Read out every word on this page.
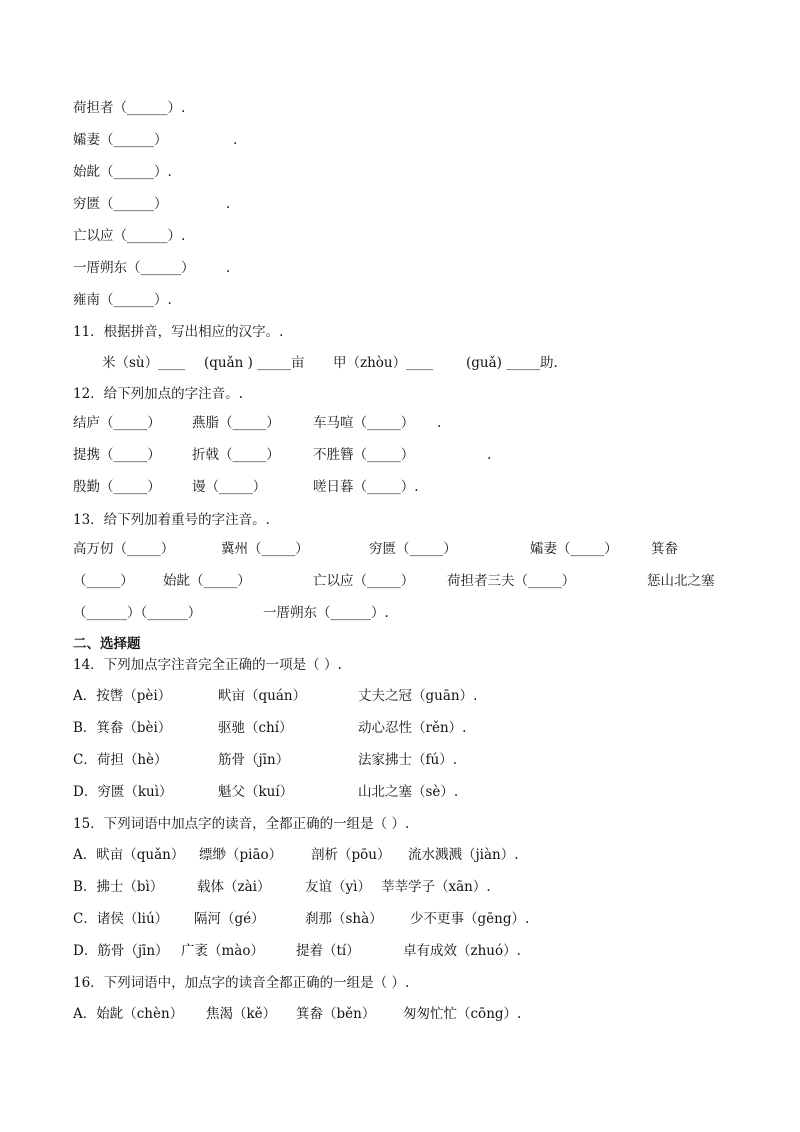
荷担者（______）.
孀妻（______）	.
始龀（______）.
穷匮（______）	.
亡以应（______）.
一厝朔东（______） .
雍南（______）.
11．根据拼音，写出相应的汉字。.
米（sù）____ (quǎn ) _____亩 甲（zhòu）____ (guǎ) _____助.
12．给下列加点的字注音。.
结庐（_____） 燕脂（_____） 车马喧（_____） .
提携（_____） 折戟（_____） 不胜簪（_____）	.
殷勤（_____） 谩（_____）	嗟日暮（_____）.
13．给下列加着重号的字注音。.
高万仞（_____）	冀州（_____）	穷匮（_____）	孀妻（_____） 箕畚
（_____） 始龀（_____）	亡以应（_____） 荷担者三夫（_____）	惩山北之塞
（______）（______）	一厝朔东（______）.
二、选择题
14．下列加点字注音完全正确的一项是（ ）.
A．按辔（pèi）	畎亩（quán）	丈夫之冠（guān）.
B．箕畚（bèi）	驱驰（chí）	动心忍性（rěn）.
C．荷担（hè）	筋骨（jīn）	法家拂士（fú）.
D．穷匮（kuì）	魁父（kuí）	山北之塞（sè）.
15．下列词语中加点字的读音，全都正确的一组是（ ）.
A．畎亩（quǎn） 缥缈（piāo） 剖析（pōu） 流水溅溅（jiàn）.
B．拂士（bì） 载体（zài）	友谊（yì） 莘莘学子（xān）.
C．诸侯（liú） 隔河（gé）	刹那（shà） 少不更事（gēng）.
D．筋骨（jīn） 广袤（mào） 提着（tí）	卓有成效（zhuó）.
16．下列词语中，加点字的读音全都正确的一组是（ ）.
A．始龀（chèn） 焦渴（kě） 箕畚（běn） 匆匆忙忙（cōng）.
